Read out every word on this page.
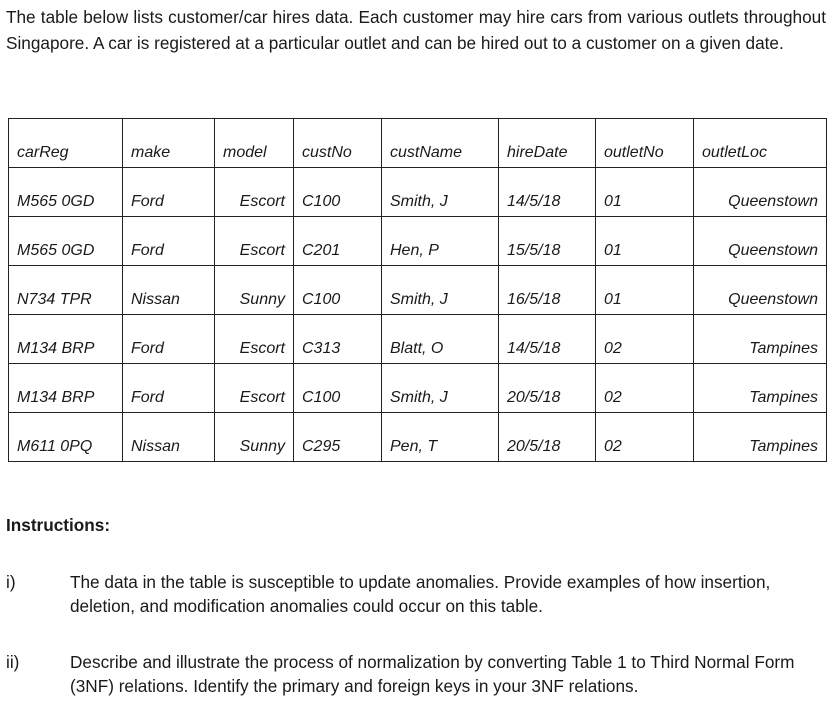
The table below lists customer/car hires data. Each customer may hire cars from various outlets throughout Singapore. A car is registered at a particular outlet and can be hired out to a customer on a given date.

carReg	make	model	custNo	custName	hireDate	outletNo	outletLoc
M565 0GD	Ford	Escort	C100	Smith, J	14/5/18	01	Queenstown
M565 0GD	Ford	Escort	C201	Hen, P	15/5/18	01	Queenstown
N734 TPR	Nissan	Sunny	C100	Smith, J	16/5/18	01	Queenstown
M134 BRP	Ford	Escort	C313	Blatt, O	14/5/18	02	Tampines
M134 BRP	Ford	Escort	C100	Smith, J	20/5/18	02	Tampines
M611 0PQ	Nissan	Sunny	C295	Pen, T	20/5/18	02	Tampines
Instructions:
i)	The data in the table is susceptible to update anomalies. Provide examples of how insertion, deletion, and modification anomalies could occur on this table.
ii)	Describe and illustrate the process of normalization by converting Table 1 to Third Normal Form (3NF) relations. Identify the primary and foreign keys in your 3NF relations.
